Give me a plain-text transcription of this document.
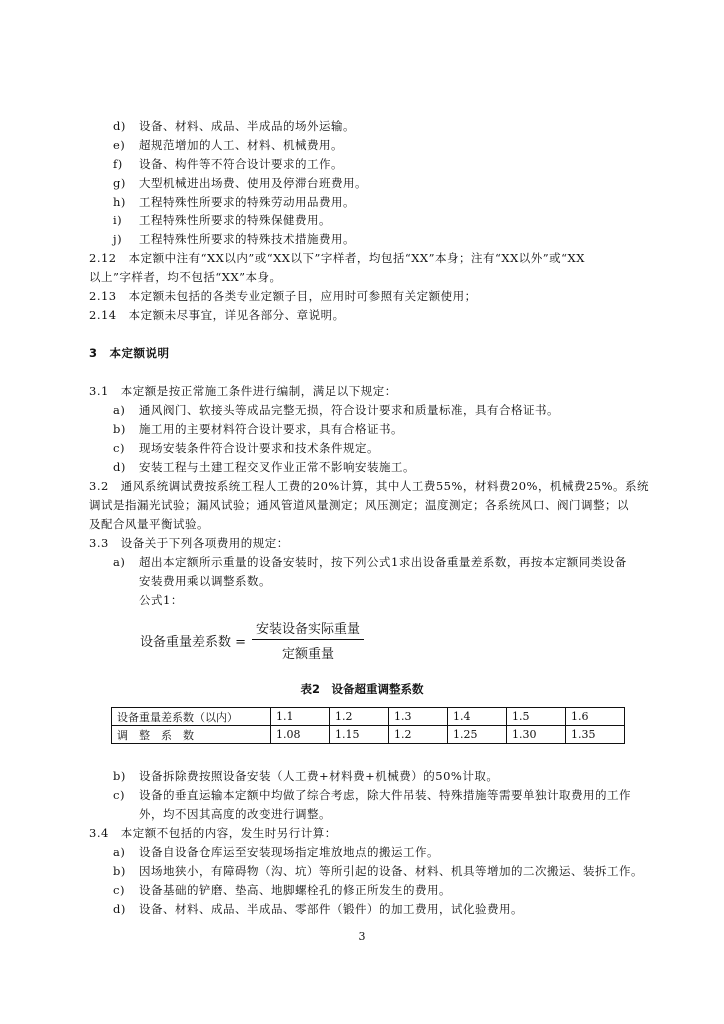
d) 设备、材料、成品、半成品的场外运输。
e) 超规范增加的人工、材料、机械费用。
f) 设备、构件等不符合设计要求的工作。
g) 大型机械进出场费、使用及停滞台班费用。
h) 工程特殊性所要求的特殊劳动用品费用。
i) 工程特殊性所要求的特殊保健费用。
j) 工程特殊性所要求的特殊技术措施费用。
2.12　本定额中注有“XX以内”或“XX以下”字样者，均包括“XX”本身；注有“XX以外”或“XX
以上”字样者，均不包括“XX”本身。
2.13　本定额未包括的各类专业定额子目，应用时可参照有关定额使用；
2.14　本定额未尽事宜，详见各部分、章说明。
3　本定额说明
3.1　本定额是按正常施工条件进行编制，满足以下规定：
a) 通风阀门、软接头等成品完整无损，符合设计要求和质量标准，具有合格证书。
b) 施工用的主要材料符合设计要求，具有合格证书。
c) 现场安装条件符合设计要求和技术条件规定。
d) 安装工程与土建工程交叉作业正常不影响安装施工。
3.2　通风系统调试费按系统工程人工费的20%计算，其中人工费55%，材料费20%，机械费25%。系统
调试是指漏光试验；漏风试验；通风管道风量测定；风压测定；温度测定；各系统风口、阀门调整；以
及配合风量平衡试验。
3.3　设备关于下列各项费用的规定：
a) 超出本定额所示重量的设备安装时，按下列公式1求出设备重量差系数，再按本定额同类设备
安装费用乘以调整系数。
公式1：
设备重量差系数 = $\frac{\text{安装设备实际重量}}{\text{定额重量}}$
表2　设备超重调整系数
设备重量差系数（以内）	1.1	1.2	1.3	1.4	1.5	1.6
调　整　系　数	1.08	1.15	1.2	1.25	1.30	1.35
b) 设备拆除费按照设备安装（人工费+材料费+机械费）的50%计取。
c) 设备的垂直运输本定额中均做了综合考虑，除大件吊装、特殊措施等需要单独计取费用的工作
外，均不因其高度的改变进行调整。
3.4　本定额不包括的内容，发生时另行计算：
a) 设备自设备仓库运至安装现场指定堆放地点的搬运工作。
b) 因场地狭小，有障碍物（沟、坑）等所引起的设备、材料、机具等增加的二次搬运、装拆工作。
c) 设备基础的铲磨、垫高、地脚螺栓孔的修正所发生的费用。
d) 设备、材料、成品、半成品、零部件（锻件）的加工费用，试化验费用。
3
